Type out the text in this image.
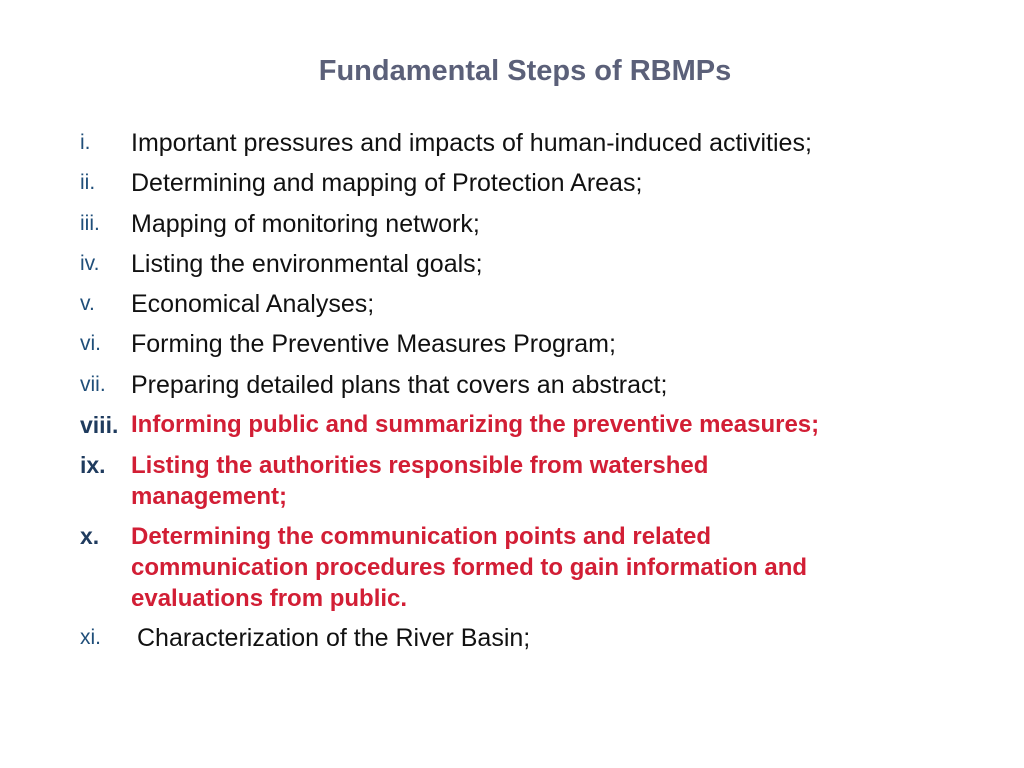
Fundamental Steps of RBMPs
i.	Important pressures and impacts of human-induced activities;
ii.	Determining and mapping of Protection Areas;
iii.	Mapping of monitoring network;
iv.	Listing the environmental goals;
v.	Economical Analyses;
vi.	Forming the Preventive Measures Program;
vii.	Preparing detailed plans that covers an abstract;
viii. Informing public and summarizing the preventive measures;
ix.	Listing the authorities responsible from watershed
management;
x.	Determining the communication points and related
communication procedures formed to gain information and
evaluations from public.
xi.	Characterization of the River Basin;
